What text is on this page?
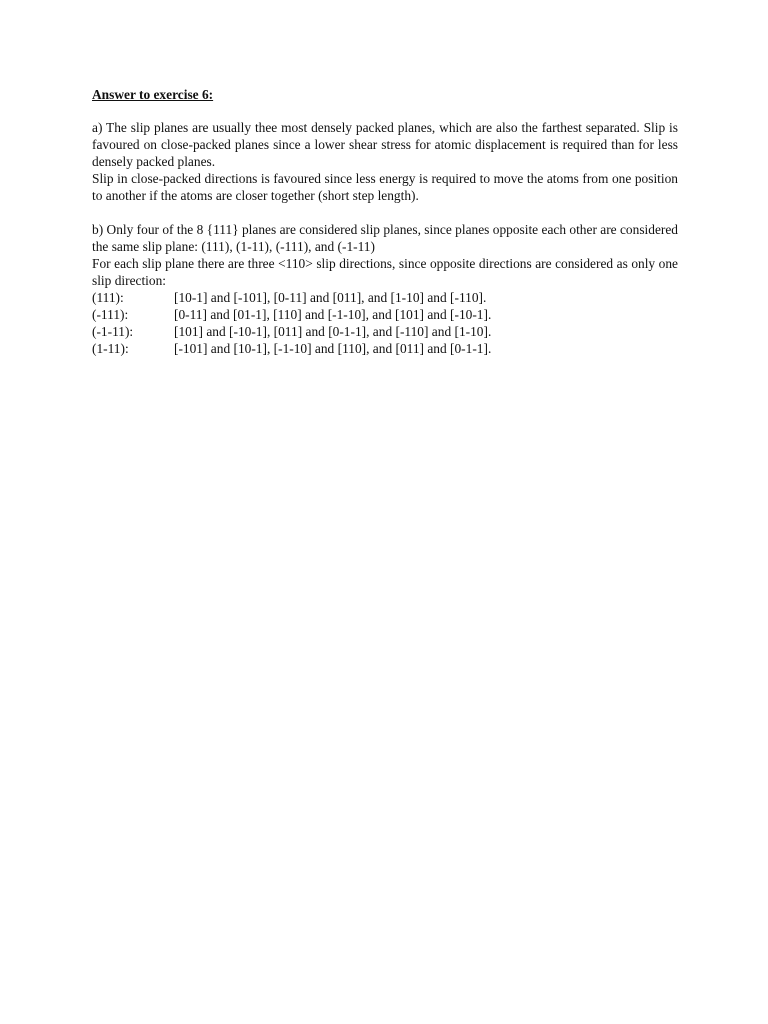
Answer to exercise 6:

a) The slip planes are usually thee most densely packed planes, which are also the farthest separated. Slip is favoured on close-packed planes since a lower shear stress for atomic displacement is required than for less densely packed planes.

Slip in close-packed directions is favoured since less energy is required to move the atoms from one position to another if the atoms are closer together (short step length).

b) Only four of the 8 {111} planes are considered slip planes, since planes opposite each other are considered the same slip plane: (111), (1-11), (-111), and (-1-11)

For each slip plane there are three <110> slip directions, since opposite directions are considered as only one slip direction:

(111):	[10-1] and [-101], [0-11] and [011], and [1-10] and [-110].
(-111):	[0-11] and [01-1], [110] and [-1-10], and [101] and [-10-1].
(-1-11):	[101] and [-10-1], [011] and [0-1-1], and [-110] and [1-10].
(1-11):	[-101] and [10-1], [-1-10] and [110], and [011] and [0-1-1].
